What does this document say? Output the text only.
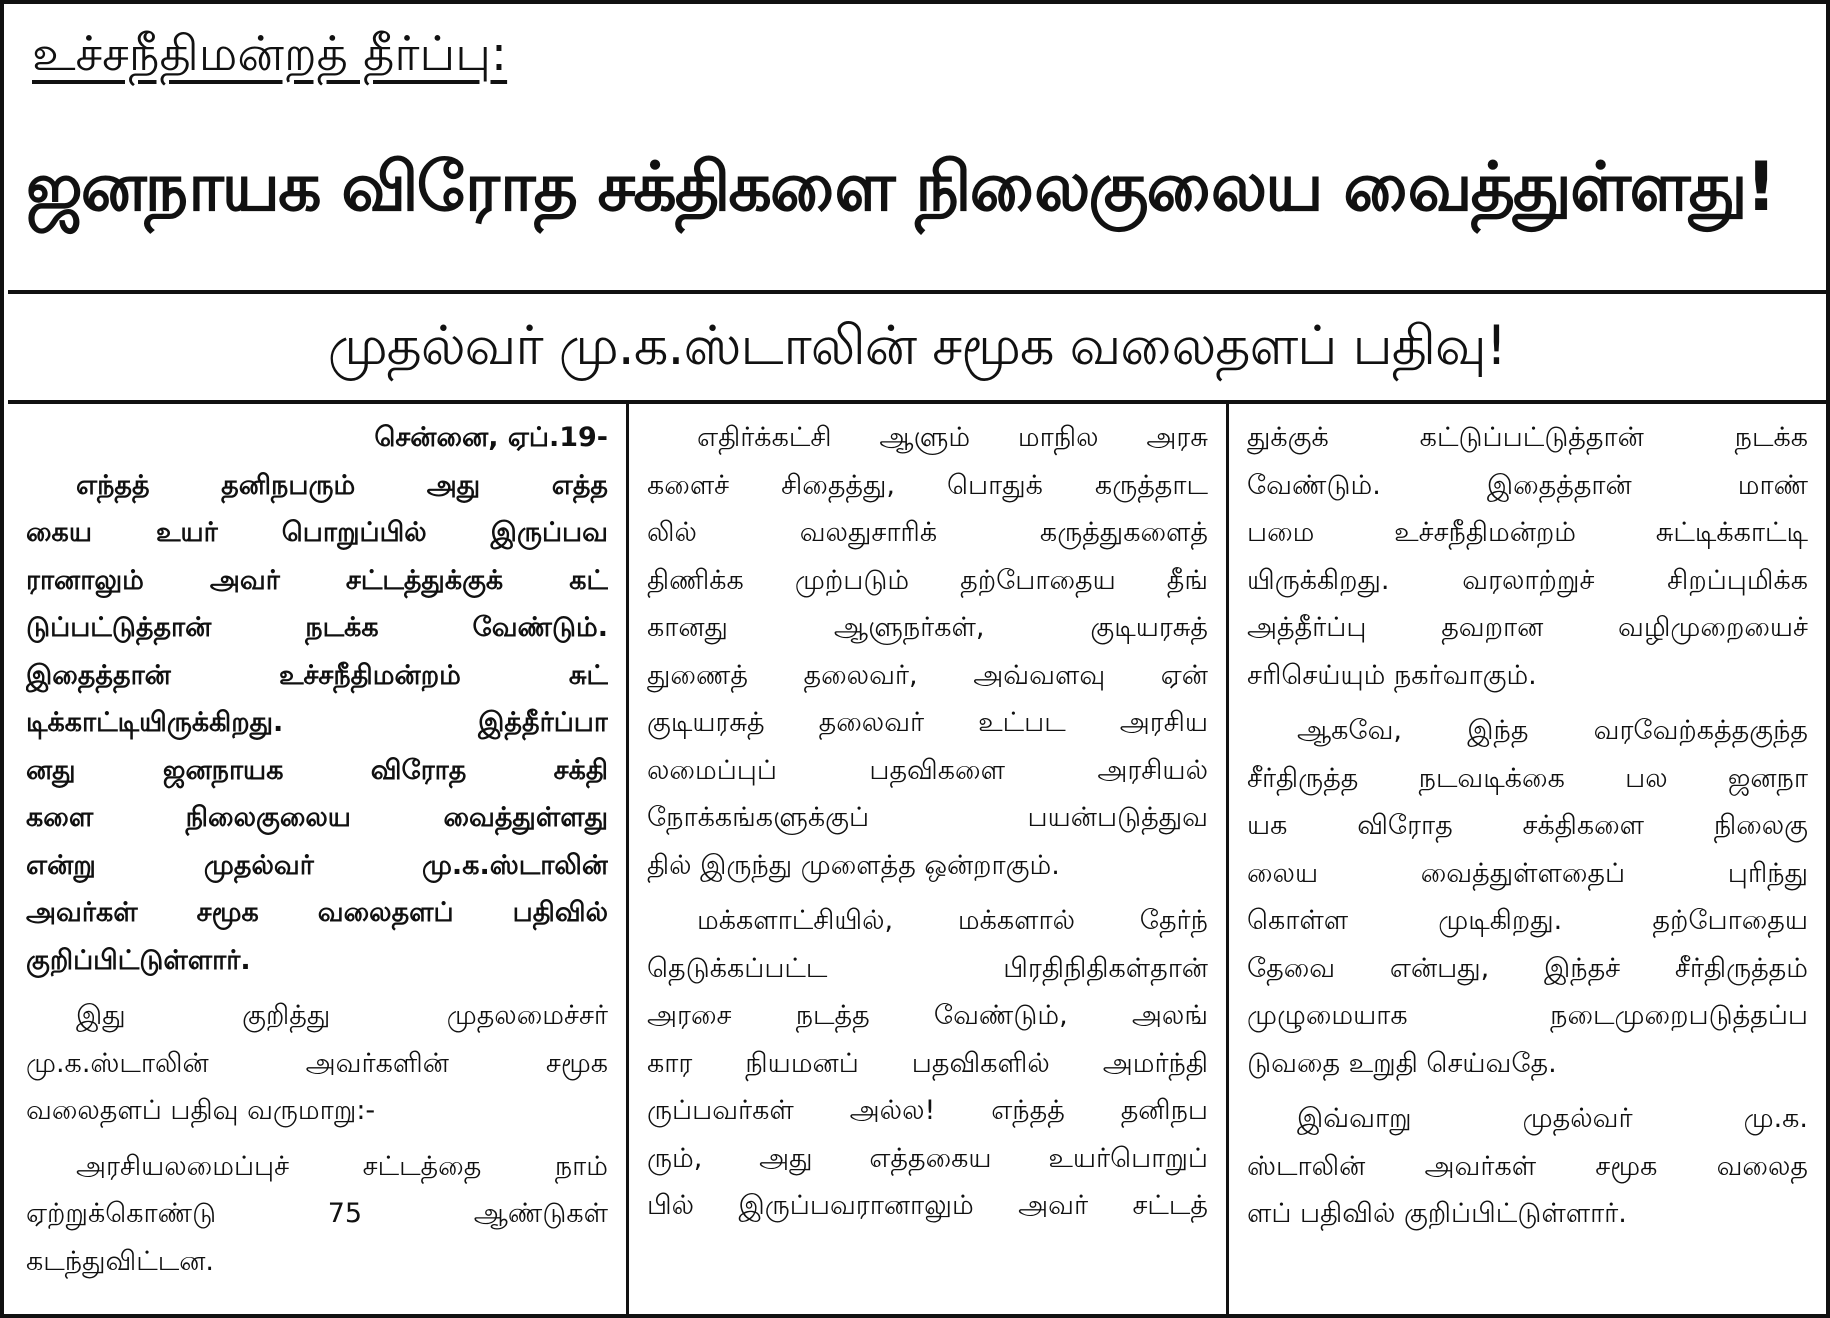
உச்சநீதிமன்றத் தீர்ப்பு:
ஜனநாயக விரோத சக்திகளை நிலைகுலைய வைத்துள்ளது!
முதல்வர் மு.க.ஸ்டாலின் சமூக வலைதளப் பதிவு!
சென்னை, ஏப்.19-
எந்தத் தனிநபரும் அது எத்த
கைய உயர் பொறுப்பில் இருப்பவ
ரானாலும் அவர் சட்டத்துக்குக் கட்
டுப்பட்டுத்தான் நடக்க வேண்டும்.
இதைத்தான் உச்சநீதிமன்றம் சுட்
டிக்காட்டியிருக்கிறது. இத்தீர்ப்பா
னது ஜனநாயக விரோத சக்தி
களை நிலைகுலைய வைத்துள்ளது
என்று முதல்வர் மு.க.ஸ்டாலின்
அவர்கள் சமூக வலைதளப் பதிவில்
குறிப்பிட்டுள்ளார்.
இது குறித்து முதலமைச்சர்
மு.க.ஸ்டாலின் அவர்களின் சமூக
வலைதளப் பதிவு வருமாறு:-
அரசியலமைப்புச் சட்டத்தை நாம்
ஏற்றுக்கொண்டு 75 ஆண்டுகள்
கடந்துவிட்டன.
எதிர்க்கட்சி ஆளும் மாநில அரசு
களைச் சிதைத்து, பொதுக் கருத்தாட
லில் வலதுசாரிக் கருத்துகளைத்
திணிக்க முற்படும் தற்போதைய தீங்
கானது ஆளுநர்கள், குடியரசுத்
துணைத் தலைவர், அவ்வளவு ஏன்
குடியரசுத் தலைவர் உட்பட அரசிய
லமைப்புப் பதவிகளை அரசியல்
நோக்கங்களுக்குப் பயன்படுத்துவ
தில் இருந்து முளைத்த ஒன்றாகும்.
மக்களாட்சியில், மக்களால் தேர்ந்
தெடுக்கப்பட்ட பிரதிநிதிகள்தான்
அரசை நடத்த வேண்டும், அலங்
கார நியமனப் பதவிகளில் அமர்ந்தி
ருப்பவர்கள் அல்ல! எந்தத் தனிநப
ரும், அது எத்தகைய உயர்பொறுப்
பில் இருப்பவரானாலும் அவர் சட்டத்
துக்குக் கட்டுப்பட்டுத்தான் நடக்க
வேண்டும். இதைத்தான் மாண்
பமை உச்சநீதிமன்றம் சுட்டிக்காட்டி
யிருக்கிறது. வரலாற்றுச் சிறப்புமிக்க
அத்தீர்ப்பு தவறான வழிமுறையைச்
சரிசெய்யும் நகர்வாகும்.
ஆகவே, இந்த வரவேற்கத்தகுந்த
சீர்திருத்த நடவடிக்கை பல ஜனநா
யக விரோத சக்திகளை நிலைகு
லைய வைத்துள்ளதைப் புரிந்து
கொள்ள முடிகிறது. தற்போதைய
தேவை என்பது, இந்தச் சீர்திருத்தம்
முழுமையாக நடைமுறைபடுத்தப்ப
டுவதை உறுதி செய்வதே.
இவ்வாறு முதல்வர் மு.க.
ஸ்டாலின் அவர்கள் சமூக வலைத
ளப் பதிவில் குறிப்பிட்டுள்ளார்.
